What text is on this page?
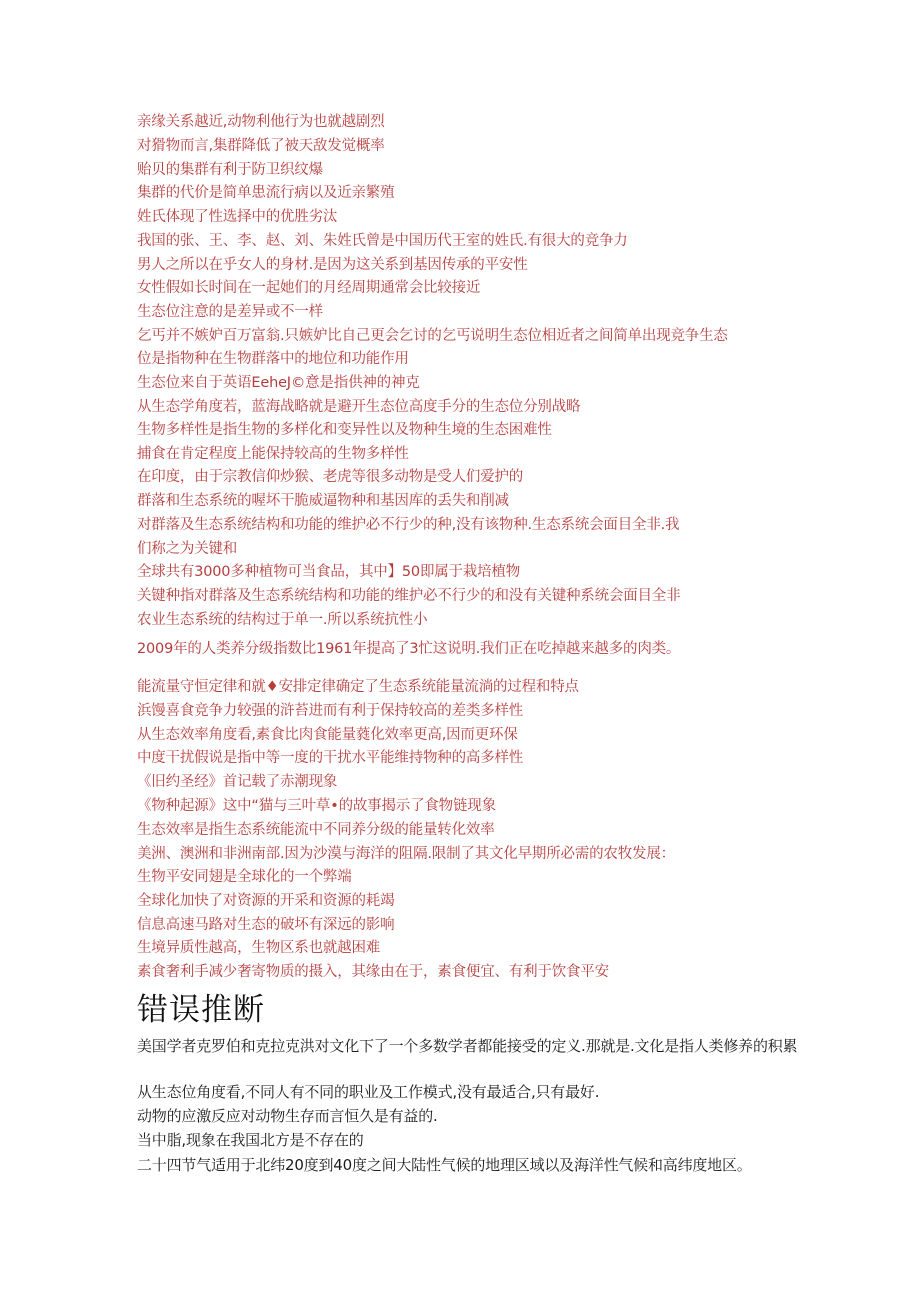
亲缘关系越近,动物利他行为也就越剧烈
对猾物而言,集群降低了被天敌发觉概率
贻贝的集群有利于防卫织纹爆
集群的代价是简单患流行病以及近亲繁殖
姓氏体现了性选择中的优胜劣汰
我国的张、王、李、赵、刘、朱姓氏曾是中国历代王室的姓氏.有很大的竞争力
男人之所以在乎女人的身材.是因为这关系到基因传承的平安性
女性假如长时间在一起她们的月经周期通常会比较接近
生态位注意的是差异或不一样
乞丐并不嫉妒百万富翁.只嫉妒比自己更会乞讨的乞丐说明生态位相近者之间简单出现竞争生态
位是指物种在生物群落中的地位和功能作用
生态位来自于英语EeheJ©意是指供神的神克
从生态学角度若，蓝海战略就是避开生态位高度手分的生态位分别战略
生物多样性是指生物的多样化和变异性以及物种生境的生态困难性
捕食在肯定程度上能保持较高的生物多样性
在印度，由于宗教信仰炒猴、老虎等很多动物是受人们爱护的
群落和生态系统的喔坏干脆威逼物种和基因库的丢失和削减
对群落及生态系统结构和功能的维护必不行少的种,没有该物种.生态系统会面目全非.我
们称之为关键和
全球共有3000多种植物可当食品，其中】50即属于栽培植物
关键种指对群落及生态系统结构和功能的维护必不行少的和没有关键种系统会面目全非
农业生态系统的结构过于单一.所以系统抗性小
2009年的人类养分级指数比1961年提高了3忙这说明.我们正在吃掉越来越多的肉类。
能流量守恒定律和就♦安排定律确定了生态系统能量流淌的过程和特点
浜馒喜食竞争力较强的浒苔进而有利于保持较高的差类多样性
从生态效率角度看,素食比肉食能量蕤化效率更高,因而更环保
中度干扰假说是指中等一度的干扰水平能维持物种的高多样性
《旧约圣经》首记载了赤潮现象
《物种起源》这中“猫与三叶草•的故事揭示了食物链现象
生态效率是指生态系统能流中不同养分级的能量转化效率
美洲、澳洲和非洲南部.因为沙漠与海洋的阻隔.限制了其文化早期所必需的农牧发展：
生物平安同翅是全球化的一个弊端
全球化加快了对资源的开采和资源的耗竭
信息高速马路对生态的破坏有深远的影响
生境异质性越高，生物区系也就越困难
素食奢利手减少奢寄物质的摄入，其缘由在于，素食便宜、有利于饮食平安
错误推断
美国学者克罗伯和克拉克洪对文化下了一个多数学者都能接受的定义.那就是.文化是指人类修养的积累
从生态位角度看,不同人有不同的职业及工作模式,没有最适合,只有最好.
动物的应激反应对动物生存而言恒久是有益的.
当中脂,现象在我国北方是不存在的
二十四节气适用于北纬20度到40度之间大陆性气候的地理区域以及海洋性气候和高纬度地区。
